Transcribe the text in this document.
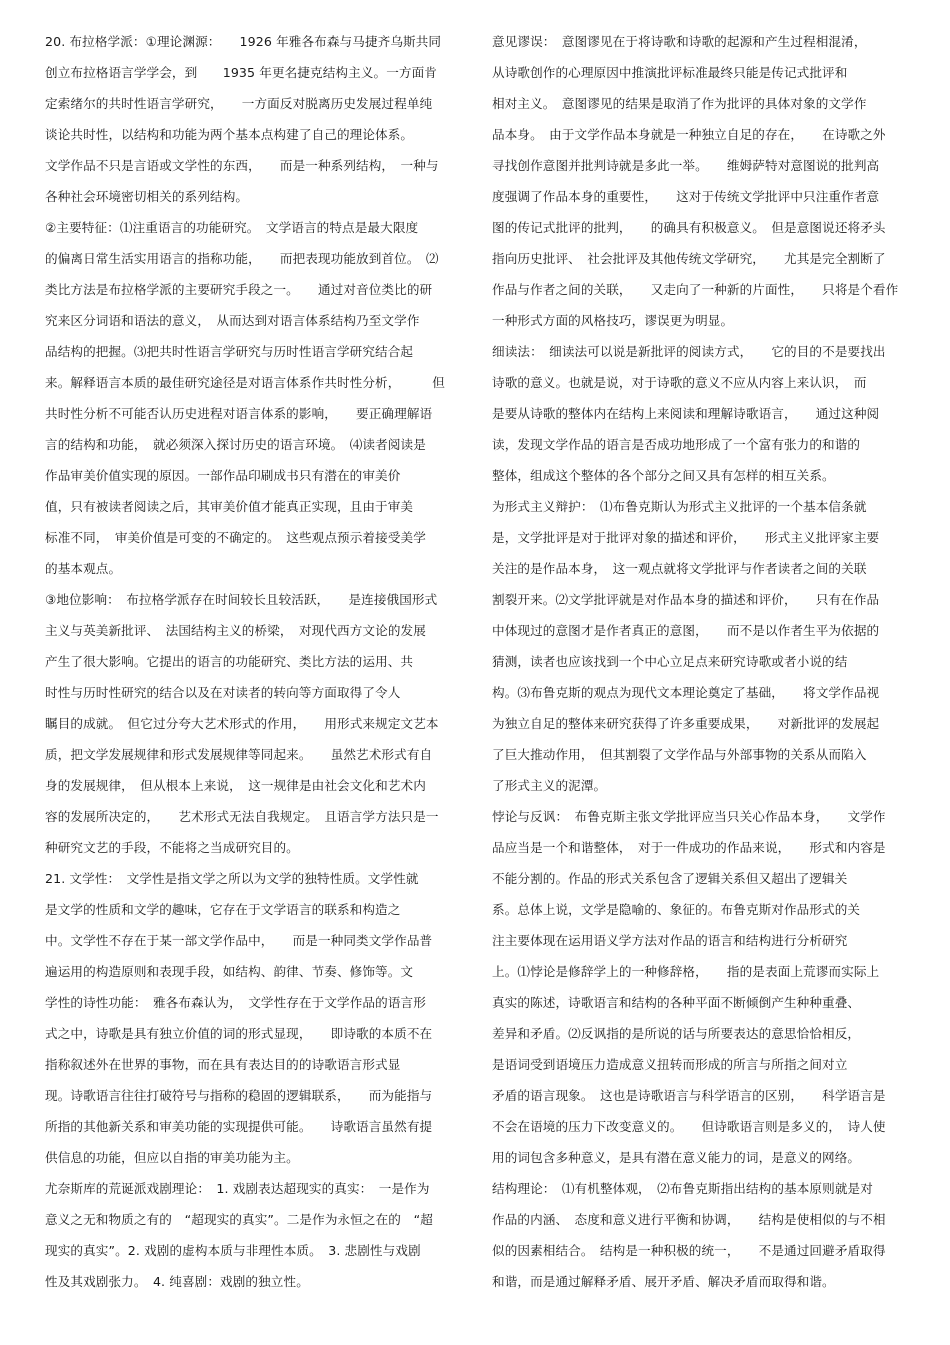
20. 布拉格学派：①理论渊源：　　1926 年雅各布森与马捷齐乌斯共同
创立布拉格语言学学会，到　　1935 年更名捷克结构主义。一方面肯
定索绪尔的共时性语言学研究，　　一方面反对脱离历史发展过程单纯
谈论共时性，以结构和功能为两个基本点构建了自己的理论体系。
文学作品不只是言语或文学性的东西，　　而是一种系列结构，　一种与
各种社会环境密切相关的系列结构。
②主要特征：⑴注重语言的功能研究。　文学语言的特点是最大限度
的偏离日常生活实用语言的指称功能，　　而把表现功能放到首位。　⑵
类比方法是布拉格学派的主要研究手段之一。　　通过对音位类比的研
究来区分词语和语法的意义，　从而达到对语言体系结构乃至文学作
品结构的把握。⑶把共时性语言学研究与历时性语言学研究结合起
来。解释语言本质的最佳研究途径是对语言体系作共时性分析，　　　但
共时性分析不可能否认历史进程对语言体系的影响，　　要正确理解语
言的结构和功能，　就必须深入探讨历史的语言环境。　⑷读者阅读是
作品审美价值实现的原因。一部作品印刷成书只有潜在的审美价
值，只有被读者阅读之后，其审美价值才能真正实现，且由于审美
标准不同，　审美价值是可变的不确定的。　这些观点预示着接受美学
的基本观点。
③地位影响：　布拉格学派存在时间较长且较活跃，　　是连接俄国形式
主义与英美新批评、　法国结构主义的桥梁，　对现代西方文论的发展
产生了很大影响。它提出的语言的功能研究、类比方法的运用、共
时性与历时性研究的结合以及在对读者的转向等方面取得了令人
瞩目的成就。　但它过分夸大艺术形式的作用，　　用形式来规定文艺本
质，把文学发展规律和形式发展规律等同起来。　　虽然艺术形式有自
身的发展规律，　但从根本上来说，　这一规律是由社会文化和艺术内
容的发展所决定的，　　艺术形式无法自我规定。　且语言学方法只是一
种研究文艺的手段，不能将之当成研究目的。
21. 文学性：　文学性是指文学之所以为文学的独特性质。文学性就
是文学的性质和文学的趣味，它存在于文学语言的联系和构造之
中。文学性不存在于某一部文学作品中，　　而是一种同类文学作品普
遍运用的构造原则和表现手段，如结构、韵律、节奏、修饰等。文
学性的诗性功能：　雅各布森认为，　文学性存在于文学作品的语言形
式之中，诗歌是具有独立价值的词的形式显现，　　即诗歌的本质不在
指称叙述外在世界的事物，而在具有表达目的的诗歌语言形式显
现。诗歌语言往往打破符号与指称的稳固的逻辑联系，　　而为能指与
所指的其他新关系和审美功能的实现提供可能。　　诗歌语言虽然有提
供信息的功能，但应以自指的审美功能为主。
尤奈斯库的荒诞派戏剧理论：　1. 戏剧表达超现实的真实：　一是作为
意义之无和物质之有的　“超现实的真实”。二是作为永恒之在的　“超
现实的真实”。2. 戏剧的虚构本质与非理性本质。　3. 悲剧性与戏剧
性及其戏剧张力。　4. 纯喜剧：戏剧的独立性。
意见谬误：　意图谬见在于将诗歌和诗歌的起源和产生过程相混淆，
从诗歌创作的心理原因中推演批评标准最终只能是传记式批评和
相对主义。　意图谬见的结果是取消了作为批评的具体对象的文学作
品本身。　由于文学作品本身就是一种独立自足的存在，　　在诗歌之外
寻找创作意图并批判诗就是多此一举。　　维姆萨特对意图说的批判高
度强调了作品本身的重要性，　　这对于传统文学批评中只注重作者意
图的传记式批评的批判，　　的确具有积极意义。　但是意图说还将矛头
指向历史批评、　社会批评及其他传统文学研究，　　尤其是完全割断了
作品与作者之间的关联，　　又走向了一种新的片面性，　　只将是个看作
一种形式方面的风格技巧，谬误更为明显。
细读法：　细读法可以说是新批评的阅读方式，　　它的目的不是要找出
诗歌的意义。也就是说，对于诗歌的意义不应从内容上来认识，　而
是要从诗歌的整体内在结构上来阅读和理解诗歌语言，　　通过这种阅
读，发现文学作品的语言是否成功地形成了一个富有张力的和谐的
整体，组成这个整体的各个部分之间又具有怎样的相互关系。
为形式主义辩护：　⑴布鲁克斯认为形式主义批评的一个基本信条就
是，文学批评是对于批评对象的描述和评价，　　形式主义批评家主要
关注的是作品本身，　这一观点就将文学批评与作者读者之间的关联
割裂开来。⑵文学批评就是对作品本身的描述和评价，　　只有在作品
中体现过的意图才是作者真正的意图，　　而不是以作者生平为依据的
猜测，读者也应该找到一个中心立足点来研究诗歌或者小说的结
构。⑶布鲁克斯的观点为现代文本理论奠定了基础，　　将文学作品视
为独立自足的整体来研究获得了许多重要成果，　　对新批评的发展起
了巨大推动作用，　但其割裂了文学作品与外部事物的关系从而陷入
了形式主义的泥潭。
悖论与反讽：　布鲁克斯主张文学批评应当只关心作品本身，　　文学作
品应当是一个和谐整体，　对于一件成功的作品来说，　　形式和内容是
不能分割的。作品的形式关系包含了逻辑关系但又超出了逻辑关
系。总体上说，文学是隐喻的、象征的。布鲁克斯对作品形式的关
注主要体现在运用语义学方法对作品的语言和结构进行分析研究
上。⑴悖论是修辞学上的一种修辞格，　　指的是表面上荒谬而实际上
真实的陈述，诗歌语言和结构的各种平面不断倾倒产生种种重叠、
差异和矛盾。⑵反讽指的是所说的话与所要表达的意思恰恰相反，
是语词受到语境压力造成意义扭转而形成的所言与所指之间对立
矛盾的语言现象。　这也是诗歌语言与科学语言的区别，　　科学语言是
不会在语境的压力下改变意义的。　　但诗歌语言则是多义的，　诗人使
用的词包含多种意义，是具有潜在意义能力的词，是意义的网络。
结构理论：　⑴有机整体观，　⑵布鲁克斯指出结构的基本原则就是对
作品的内涵、　态度和意义进行平衡和协调，　　结构是使相似的与不相
似的因素相结合。　结构是一种积极的统一，　　不是通过回避矛盾取得
和谐，而是通过解释矛盾、展开矛盾、解决矛盾而取得和谐。
